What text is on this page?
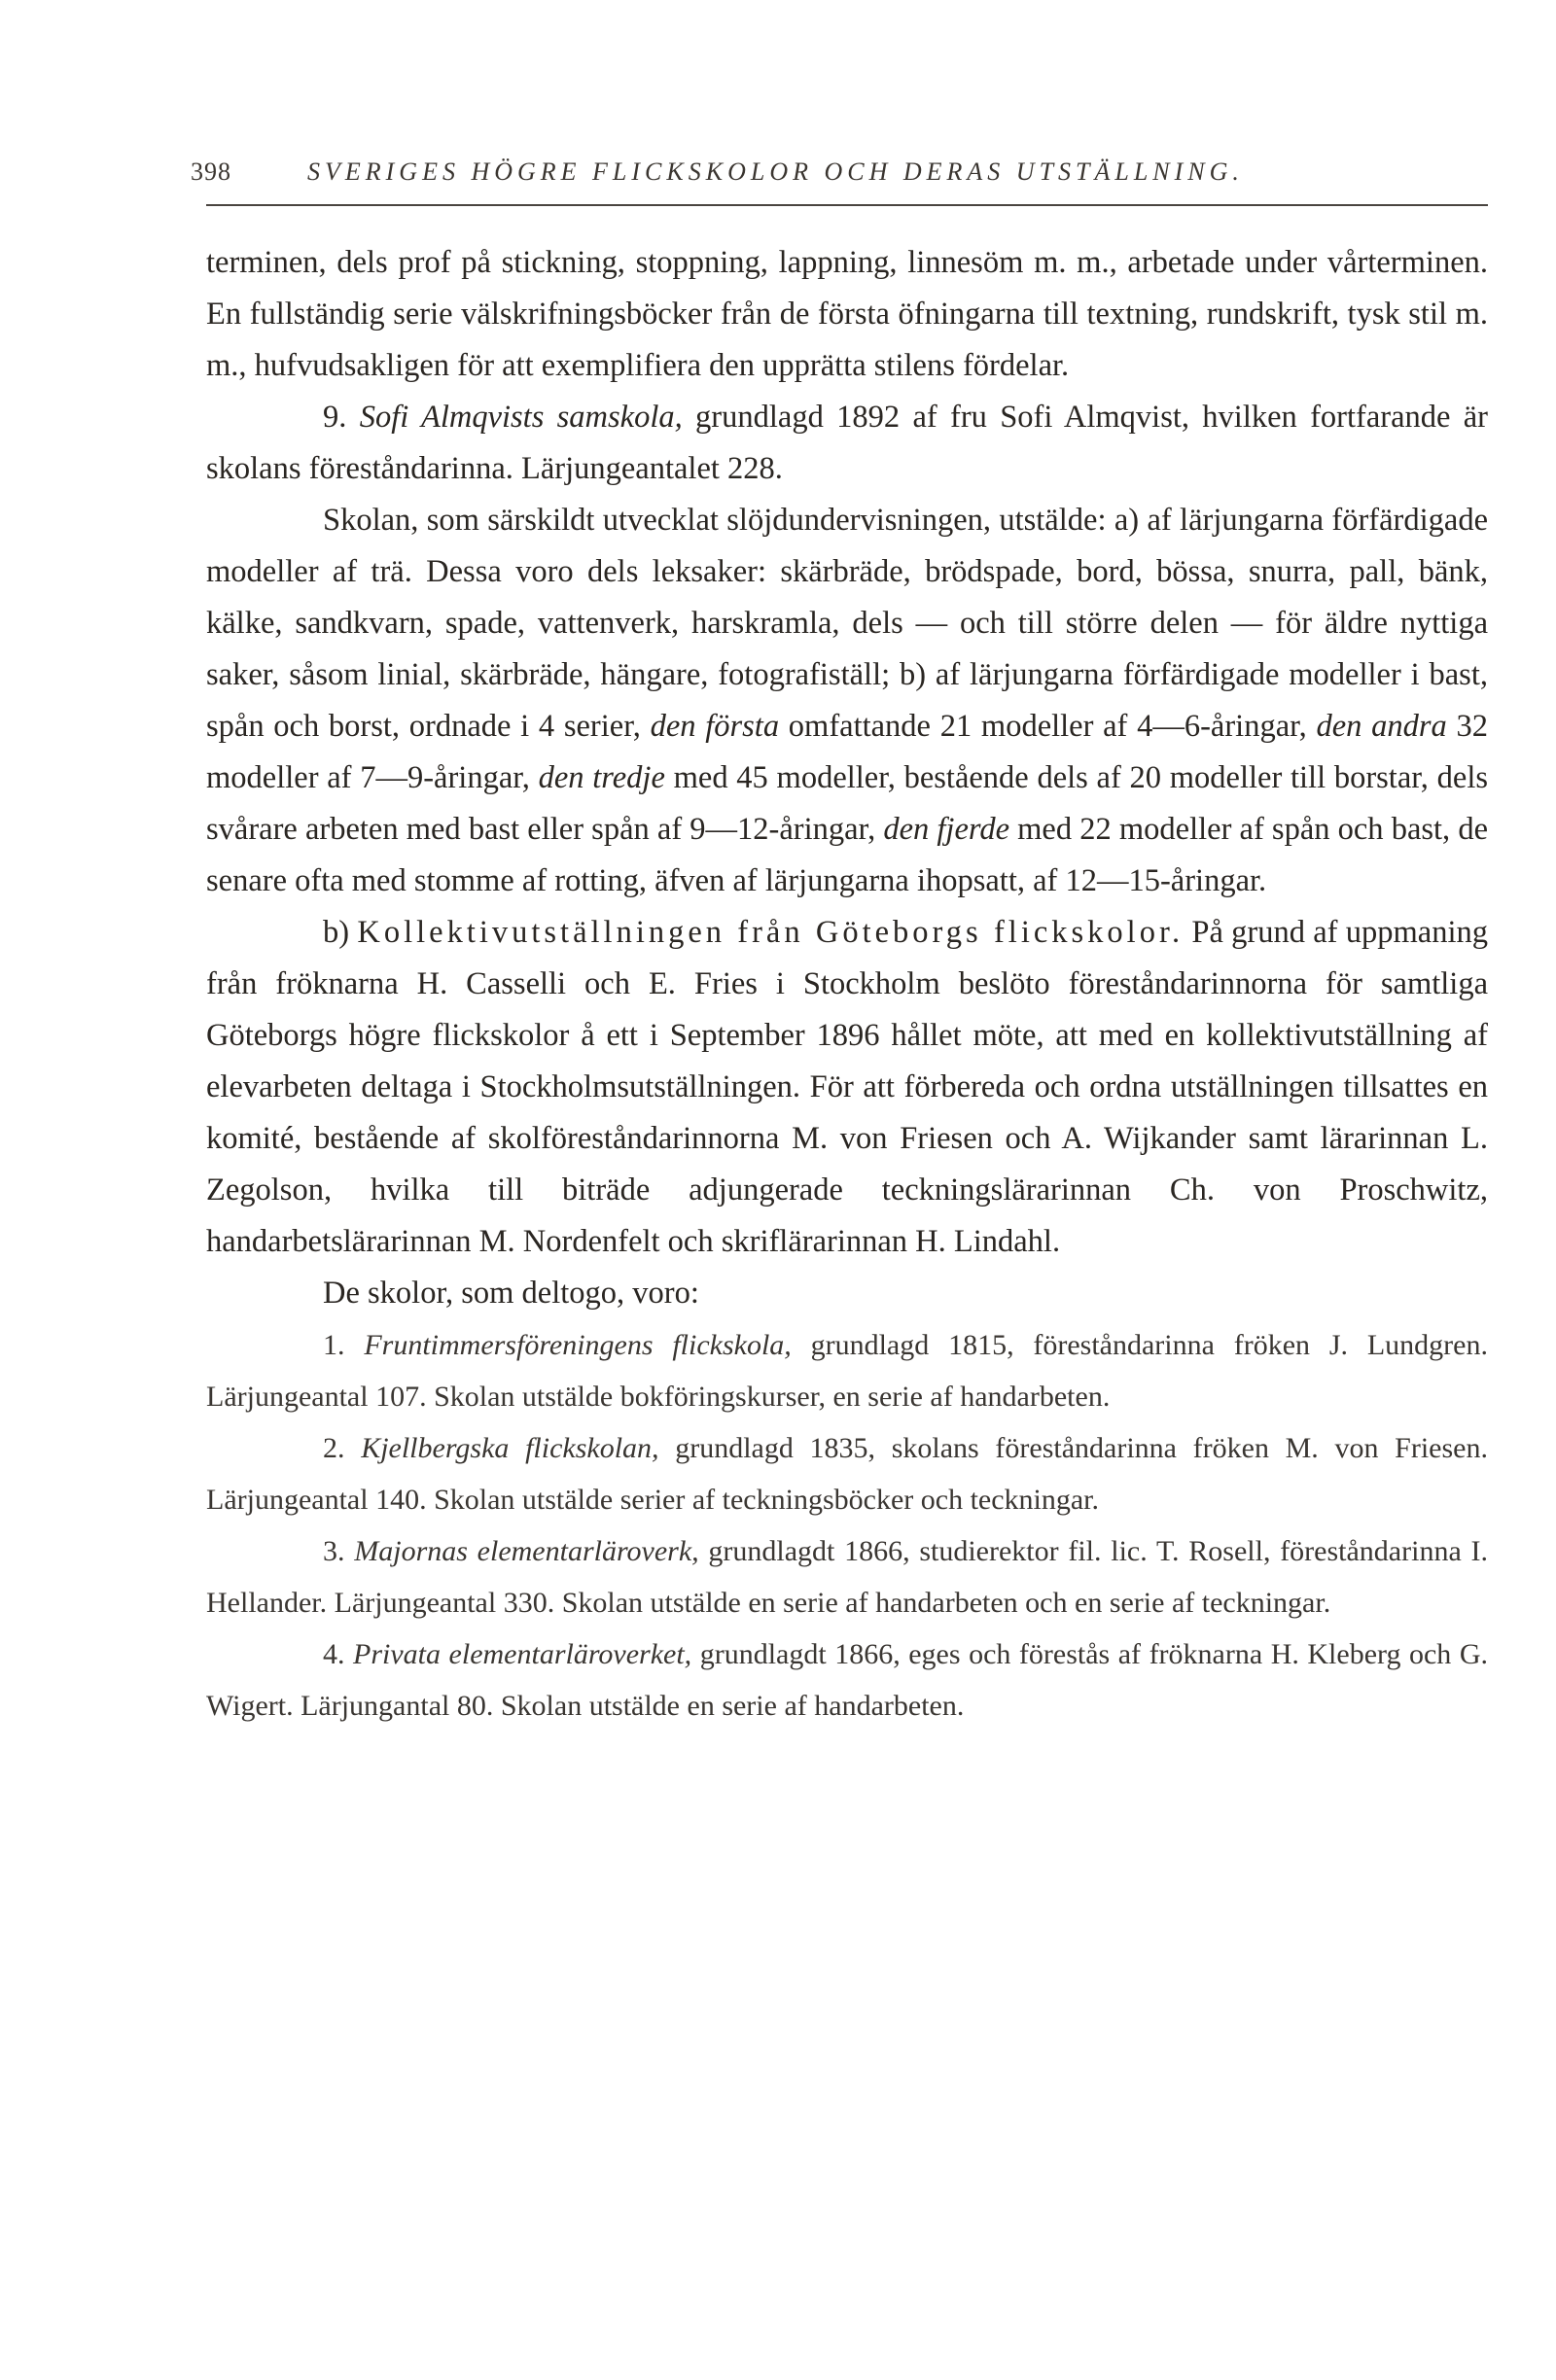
398	SVERIGES HÖGRE FLICKSKOLOR OCH DERAS UTSTÄLLNING.

terminen, dels prof på stickning, stoppning, lappning, linnesöm m. m., arbetade under vårterminen. En fullständig serie välskrifningsböcker från de första öfningarna till textning, rundskrift, tysk stil m. m., hufvudsakligen för att exemplifiera den upprätta stilens fördelar.

9. Sofi Almqvists samskola, grundlagd 1892 af fru Sofi Almqvist, hvilken fortfarande är skolans föreståndarinna. Lärjungeantalet 228.

Skolan, som särskildt utvecklat slöjdundervisningen, utstälde: a) af lärjungarna förfärdigade modeller af trä. Dessa voro dels leksaker: skärbräde, brödspade, bord, bössa, snurra, pall, bänk, kälke, sandkvarn, spade, vattenverk, harskramla, dels — och till större delen — för äldre nyttiga saker, såsom linial, skärbräde, hängare, fotografiställ; b) af lärjungarna förfärdigade modeller i bast, spån och borst, ordnade i 4 serier, den första omfattande 21 modeller af 4—6-åringar, den andra 32 modeller af 7—9-åringar, den tredje med 45 modeller, bestående dels af 20 modeller till borstar, dels svårare arbeten med bast eller spån af 9—12-åringar, den fjerde med 22 modeller af spån och bast, de senare ofta med stomme af rotting, äfven af lärjungarna ihopsatt, af 12—15-åringar.

b) Kollektivutställningen från Göteborgs flickskolor. På grund af uppmaning från fröknarna H. Casselli och E. Fries i Stockholm beslöto föreståndarinnorna för samtliga Göteborgs högre flickskolor å ett i September 1896 hållet möte, att med en kollektivutställning af elevarbeten deltaga i Stockholmsutställningen. För att förbereda och ordna utställningen tillsattes en komité, bestående af skolföreståndarinnorna M. von Friesen och A. Wijkander samt lärarinnan L. Zegolson, hvilka till biträde adjungerade teckningslärarinnan Ch. von Proschwitz, handarbetslärarinnan M. Nordenfelt och skriflärarinnan H. Lindahl.

De skolor, som deltogo, voro:

1. Fruntimmersföreningens flickskola, grundlagd 1815, föreståndarinna fröken J. Lundgren. Lärjungeantal 107. Skolan utstälde bokföringskurser, en serie af handarbeten.

2. Kjellbergska flickskolan, grundlagd 1835, skolans föreståndarinna fröken M. von Friesen. Lärjungeantal 140. Skolan utstälde serier af teckningsböcker och teckningar.

3. Majornas elementarläroverk, grundlagdt 1866, studierektor fil. lic. T. Rosell, föreståndarinna I. Hellander. Lärjungeantal 330. Skolan utstälde en serie af handarbeten och en serie af teckningar.

4. Privata elementarläroverket, grundlagdt 1866, eges och förestås af fröknarna H. Kleberg och G. Wigert. Lärjungantal 80. Skolan utstälde en serie af handarbeten.
